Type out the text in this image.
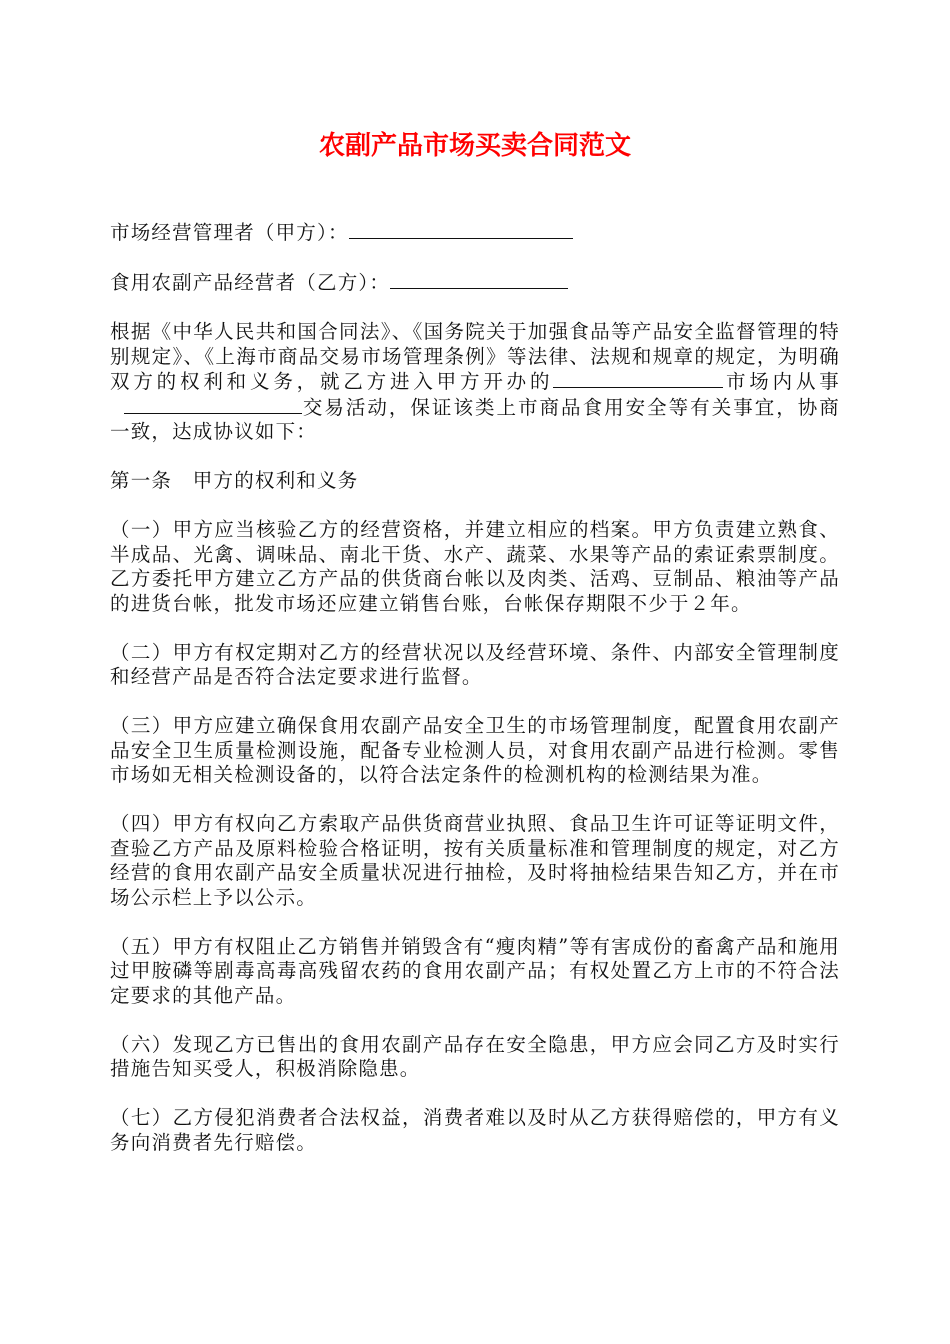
农副产品市场买卖合同范文

市场经营管理者（甲方）：

食用农副产品经营者（乙方）：

根据《中华人民共和国合同法》、《国务院关于加强食品等产品安全监督管理的特别规定》、《上海市商品交易市场管理条例》等法律、法规和规章的规定，为明确双方的权利和义务，就乙方进入甲方开办的	市场内从事交易活动，保证该类上市商品食用安全等有关事宜，协商一致，达成协议如下：

第一条　甲方的权利和义务

（一）甲方应当核验乙方的经营资格，并建立相应的档案。甲方负责建立熟食、半成品、光禽、调味品、南北干货、水产、蔬菜、水果等产品的索证索票制度。乙方委托甲方建立乙方产品的供货商台帐以及肉类、活鸡、豆制品、粮油等产品的进货台帐，批发市场还应建立销售台账，台帐保存期限不少于２年。

（二）甲方有权定期对乙方的经营状况以及经营环境、条件、内部安全管理制度和经营产品是否符合法定要求进行监督。

（三）甲方应建立确保食用农副产品安全卫生的市场管理制度，配置食用农副产品安全卫生质量检测设施，配备专业检测人员，对食用农副产品进行检测。零售市场如无相关检测设备的，以符合法定条件的检测机构的检测结果为准。

（四）甲方有权向乙方索取产品供货商营业执照、食品卫生许可证等证明文件，查验乙方产品及原料检验合格证明，按有关质量标准和管理制度的规定，对乙方经营的食用农副产品安全质量状况进行抽检，及时将抽检结果告知乙方，并在市场公示栏上予以公示。

（五）甲方有权阻止乙方销售并销毁含有“瘦肉精”等有害成份的畜禽产品和施用过甲胺磷等剧毒高毒高残留农药的食用农副产品；有权处置乙方上市的不符合法定要求的其他产品。

（六）发现乙方已售出的食用农副产品存在安全隐患，甲方应会同乙方及时实行措施告知买受人，积极消除隐患。

（七）乙方侵犯消费者合法权益，消费者难以及时从乙方获得赔偿的，甲方有义务向消费者先行赔偿。
